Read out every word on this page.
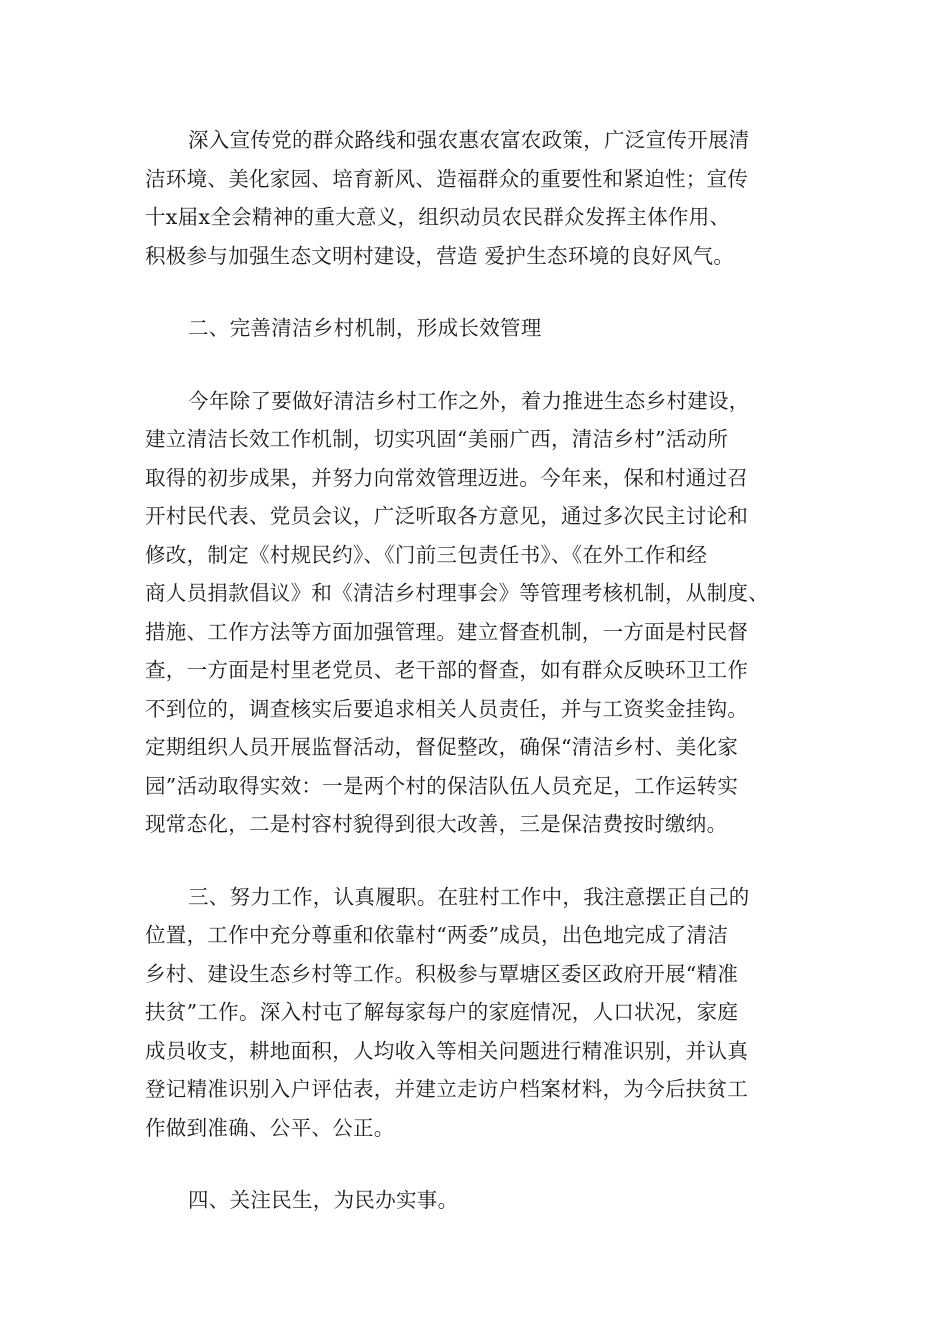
深入宣传党的群众路线和强农惠农富农政策，广泛宣传开展清
洁环境、美化家园、培育新风、造福群众的重要性和紧迫性；宣传
十x届x全会精神的重大意义，组织动员农民群众发挥主体作用、
积极参与加强生态文明村建设，营造 爱护生态环境的良好风气。

二、完善清洁乡村机制，形成长效管理

今年除了要做好清洁乡村工作之外，着力推进生态乡村建设，
建立清洁长效工作机制，切实巩固“美丽广西，清洁乡村”活动所
取得的初步成果，并努力向常效管理迈进。今年来，保和村通过召
开村民代表、党员会议，广泛听取各方意见，通过多次民主讨论和
修改，制定《村规民约》、《门前三包责任书》、《在外工作和经
商人员捐款倡议》和《清洁乡村理事会》等管理考核机制，从制度、
措施、工作方法等方面加强管理。建立督查机制，一方面是村民督
查，一方面是村里老党员、老干部的督查，如有群众反映环卫工作
不到位的，调查核实后要追求相关人员责任，并与工资奖金挂钩。
定期组织人员开展监督活动，督促整改，确保“清洁乡村、美化家
园”活动取得实效：一是两个村的保洁队伍人员充足，工作运转实
现常态化，二是村容村貌得到很大改善，三是保洁费按时缴纳。

三、努力工作，认真履职。在驻村工作中，我注意摆正自己的
位置，工作中充分尊重和依靠村“两委”成员，出色地完成了清洁
乡村、建设生态乡村等工作。积极参与覃塘区委区政府开展“精准
扶贫”工作。深入村屯了解每家每户的家庭情况，人口状况，家庭
成员收支，耕地面积，人均收入等相关问题进行精准识别，并认真
登记精准识别入户评估表，并建立走访户档案材料，为今后扶贫工
作做到准确、公平、公正。

四、关注民生，为民办实事。
